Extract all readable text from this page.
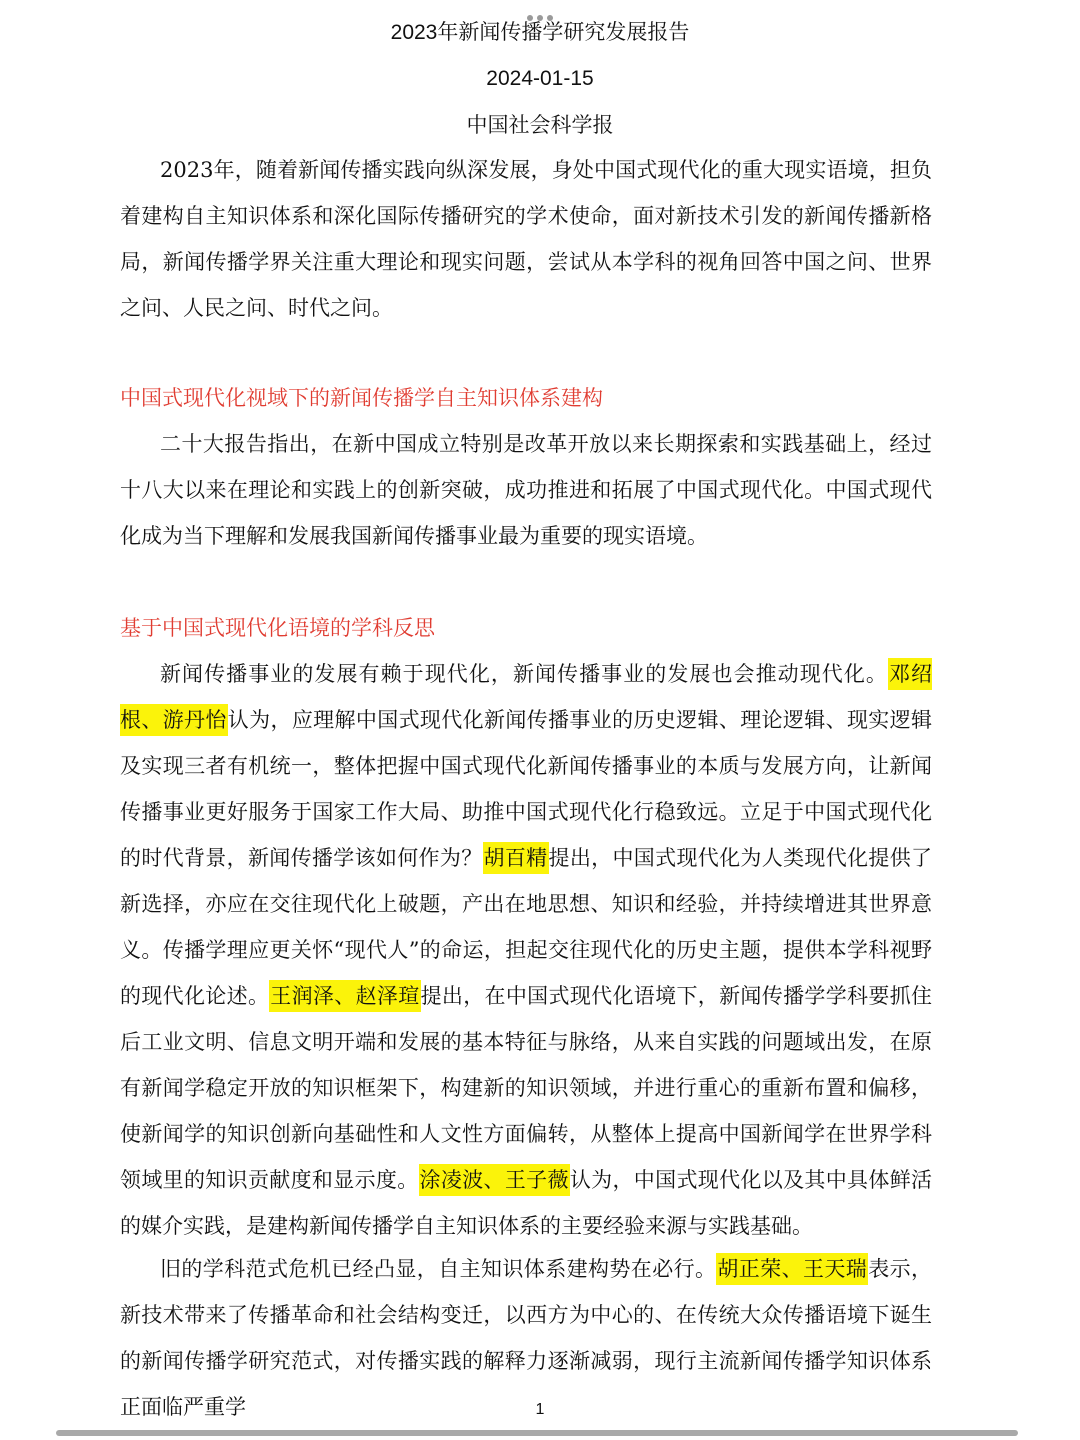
2023年新闻传播学研究发展报告
2024-01-15
中国社会科学报

2023年，随着新闻传播实践向纵深发展，身处中国式现代化的重大现实语境，担负着建构自主知识体系和深化国际传播研究的学术使命，面对新技术引发的新闻传播新格局，新闻传播学界关注重大理论和现实问题，尝试从本学科的视角回答中国之问、世界之问、人民之问、时代之问。

中国式现代化视域下的新闻传播学自主知识体系建构

二十大报告指出，在新中国成立特别是改革开放以来长期探索和实践基础上，经过十八大以来在理论和实践上的创新突破，成功推进和拓展了中国式现代化。中国式现代化成为当下理解和发展我国新闻传播事业最为重要的现实语境。

基于中国式现代化语境的学科反思

新闻传播事业的发展有赖于现代化，新闻传播事业的发展也会推动现代化。邓绍根、游丹怡认为，应理解中国式现代化新闻传播事业的历史逻辑、理论逻辑、现实逻辑及实现三者有机统一，整体把握中国式现代化新闻传播事业的本质与发展方向，让新闻传播事业更好服务于国家工作大局、助推中国式现代化行稳致远。立足于中国式现代化的时代背景，新闻传播学该如何作为？胡百精提出，中国式现代化为人类现代化提供了新选择，亦应在交往现代化上破题，产出在地思想、知识和经验，并持续增进其世界意义。传播学理应更关怀“现代人”的命运，担起交往现代化的历史主题，提供本学科视野的现代化论述。王润泽、赵泽瑄提出，在中国式现代化语境下，新闻传播学学科要抓住后工业文明、信息文明开端和发展的基本特征与脉络，从来自实践的问题域出发，在原有新闻学稳定开放的知识框架下，构建新的知识领域，并进行重心的重新布置和偏移，使新闻学的知识创新向基础性和人文性方面偏转，从整体上提高中国新闻学在世界学科领域里的知识贡献度和显示度。涂凌波、王子薇认为，中国式现代化以及其中具体鲜活的媒介实践，是建构新闻传播学自主知识体系的主要经验来源与实践基础。

旧的学科范式危机已经凸显，自主知识体系建构势在必行。胡正荣、王天瑞表示，新技术带来了传播革命和社会结构变迁，以西方为中心的、在传统大众传播语境下诞生的新闻传播学研究范式，对传播实践的解释力逐渐减弱，现行主流新闻传播学知识体系正面临严重学	1
